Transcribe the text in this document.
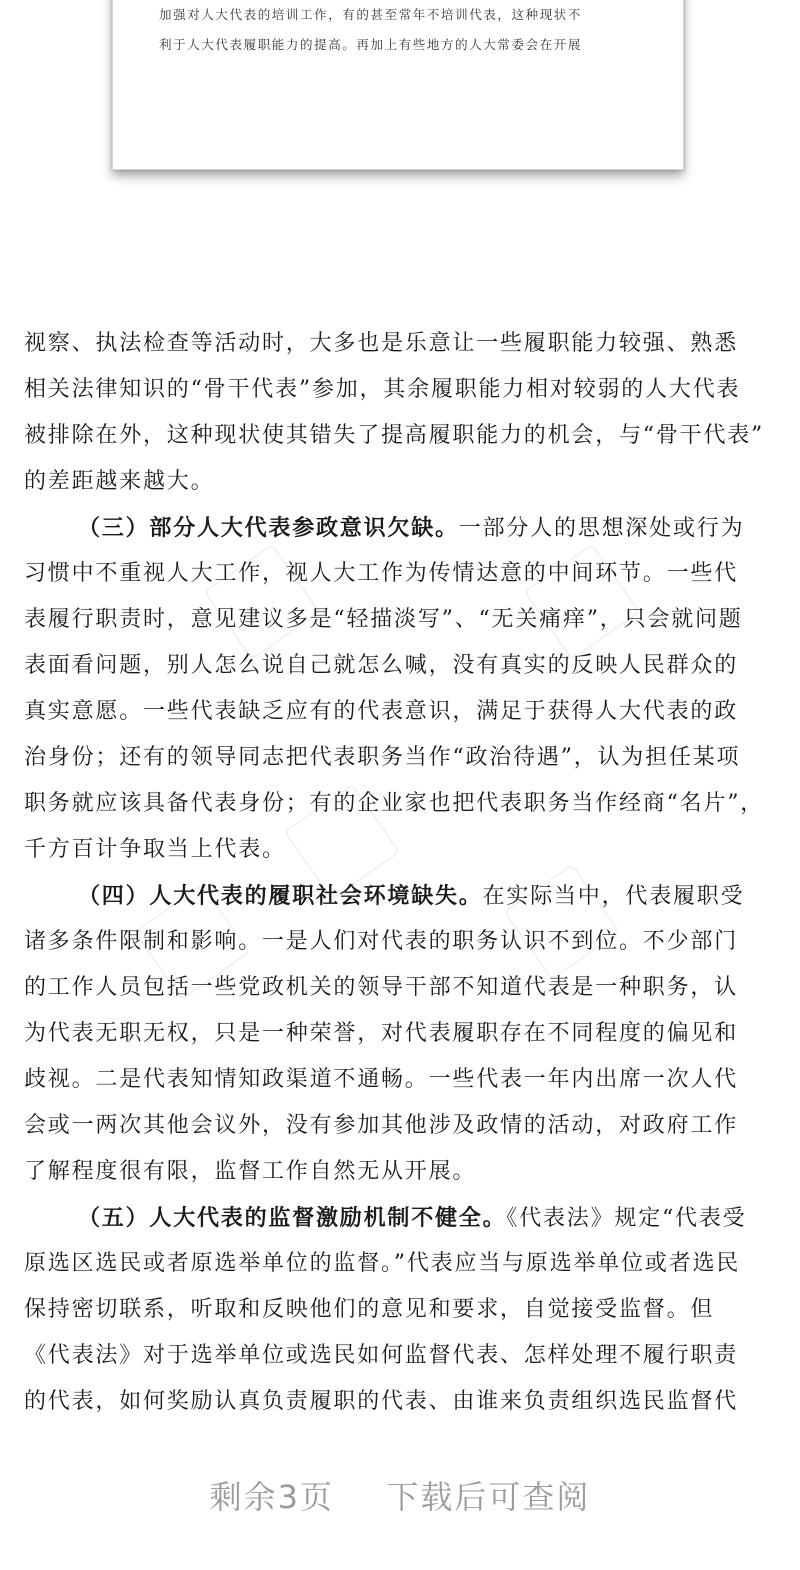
加强对人大代表的培训工作，有的甚至常年不培训代表，这种现状不
利于人大代表履职能力的提高。再加上有些地方的人大常委会在开展
视察、执法检查等活动时，大多也是乐意让一些履职能力较强、熟悉
相关法律知识的“骨干代表”参加，其余履职能力相对较弱的人大代表
被排除在外，这种现状使其错失了提高履职能力的机会，与“骨干代表”
的差距越来越大。
（三）部分人大代表参政意识欠缺。一部分人的思想深处或行为
习惯中不重视人大工作，视人大工作为传情达意的中间环节。一些代
表履行职责时，意见建议多是“轻描淡写”、“无关痛痒”，只会就问题
表面看问题，别人怎么说自己就怎么喊，没有真实的反映人民群众的
真实意愿。一些代表缺乏应有的代表意识，满足于获得人大代表的政
治身份；还有的领导同志把代表职务当作“政治待遇”，认为担任某项
职务就应该具备代表身份；有的企业家也把代表职务当作经商“名片”，
千方百计争取当上代表。
（四）人大代表的履职社会环境缺失。在实际当中，代表履职受
诸多条件限制和影响。一是人们对代表的职务认识不到位。不少部门
的工作人员包括一些党政机关的领导干部不知道代表是一种职务，认
为代表无职无权，只是一种荣誉，对代表履职存在不同程度的偏见和
歧视。二是代表知情知政渠道不通畅。一些代表一年内出席一次人代
会或一两次其他会议外，没有参加其他涉及政情的活动，对政府工作
了解程度很有限，监督工作自然无从开展。
（五）人大代表的监督激励机制不健全。《代表法》规定“代表受
原选区选民或者原选举单位的监督。”代表应当与原选举单位或者选民
保持密切联系，听取和反映他们的意见和要求，自觉接受监督。但
《代表法》对于选举单位或选民如何监督代表、怎样处理不履行职责
的代表，如何奖励认真负责履职的代表、由谁来负责组织选民监督代
剩余3页 下载后可查阅
